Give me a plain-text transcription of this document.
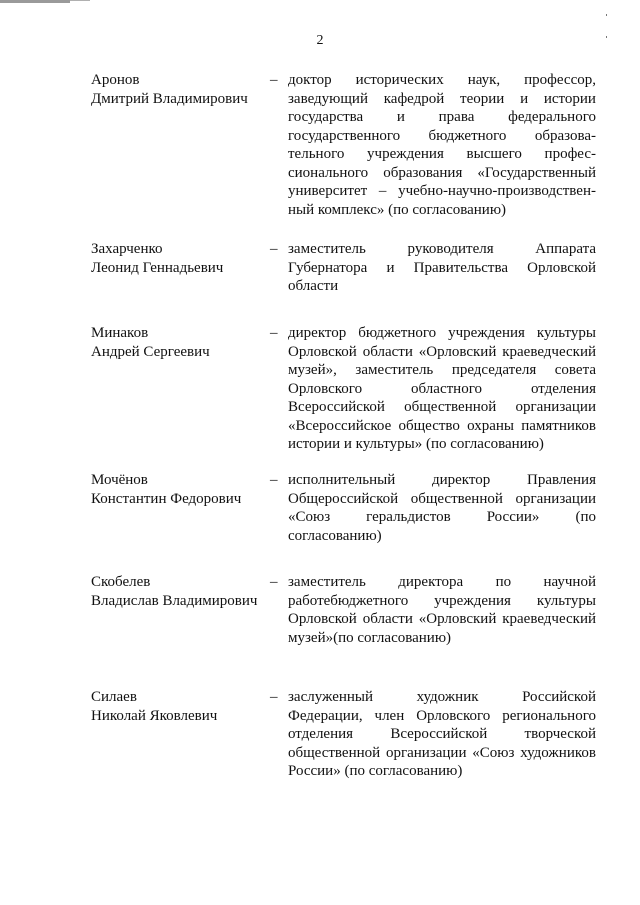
2
Аронов
Дмитрий Владимирович
– доктор исторических наук, профессор,
заведующий кафедрой теории и истории
государства и права федерального
государственного бюджетного образова-
тельного учреждения высшего профес-
сионального образования «Государственный
университет – учебно-научно-производствен-
ный комплекс» (по согласованию)
Захарченко
Леонид Геннадьевич
– заместитель	руководителя	Аппарата
Губернатора и Правительства Орловской
области
Минаков
Андрей Сергеевич
– директор бюджетного учреждения культуры
Орловской области «Орловский краеведческий
музей», заместитель председателя совета
Орловского	областного	отделения
Всероссийской общественной организации
«Всероссийское общество охраны памятников
истории и культуры» (по согласованию)
Мочёнов
Константин Федорович
– исполнительный директор Правления
Общероссийской общественной организации
«Союз геральдистов России» (по
согласованию)
Скобелев
Владислав Владимирович
– заместитель директора по научной
работебюджетного учреждения культуры
Орловской области «Орловский краеведческий
музей»(по согласованию)
Силаев
Николай Яковлевич
– заслуженный	художник	Российской
Федерации, член Орловского регионального
отделения Всероссийской творческой
общественной организации «Союз художников
России» (по согласованию)
